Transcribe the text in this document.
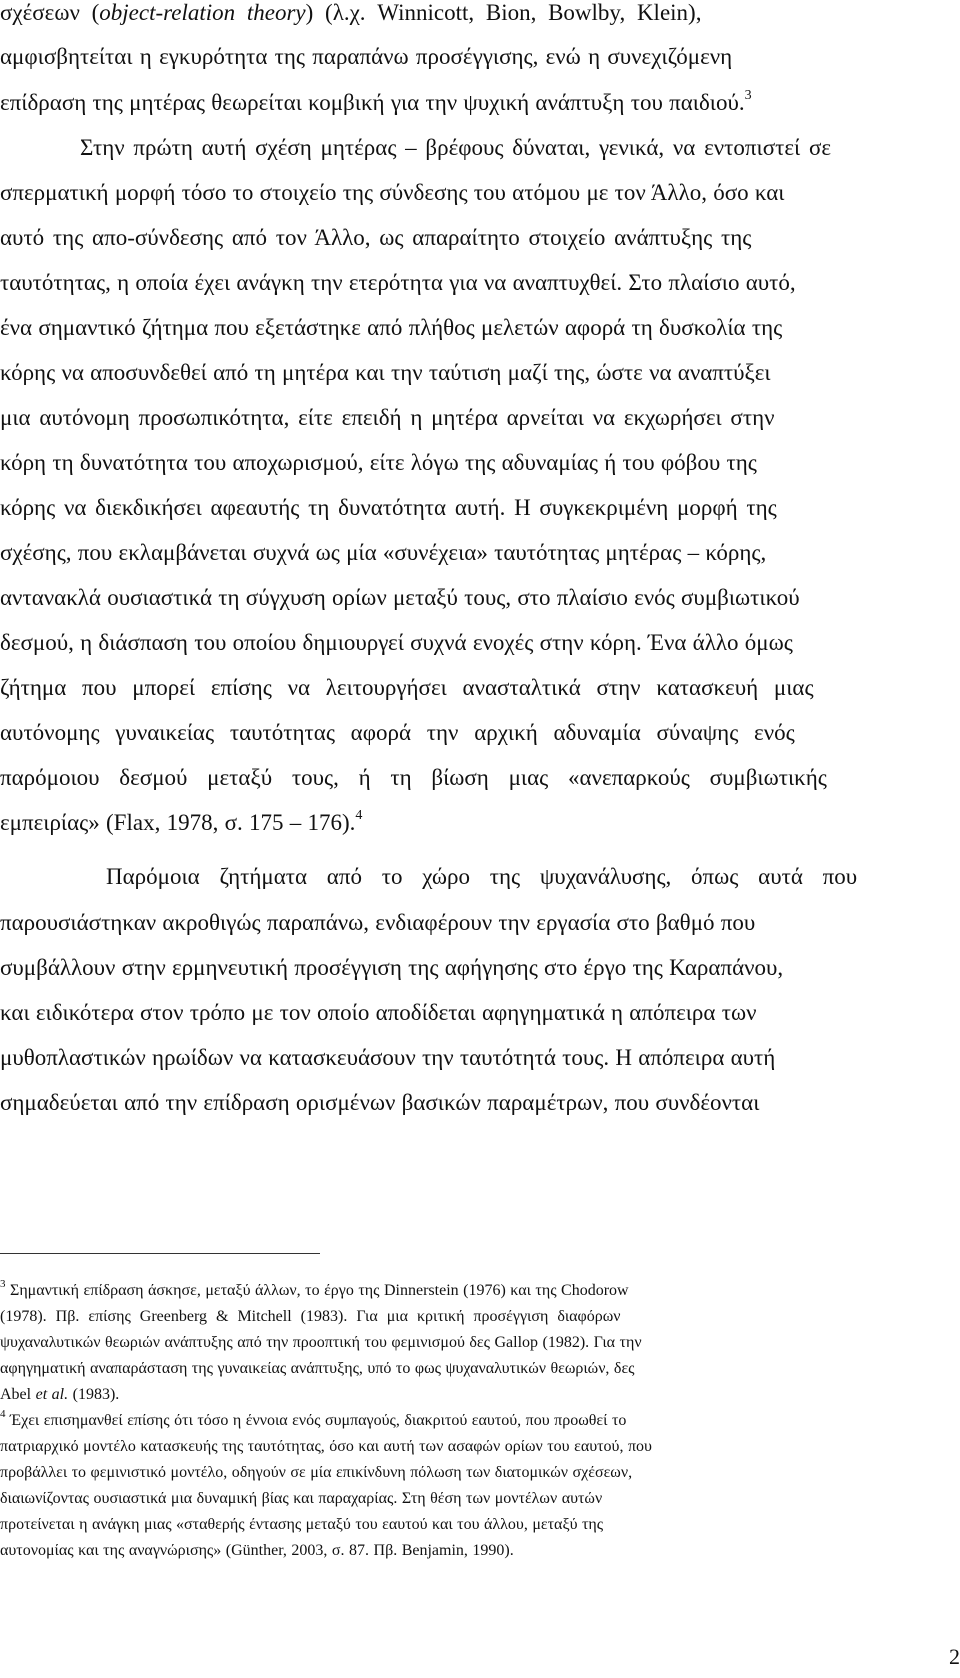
σχέσεων (object-relation theory) (λ.χ. Winnicott, Bion, Bowlby, Klein),
αμφισβητείται η εγκυρότητα της παραπάνω προσέγγισης, ενώ η συνεχιζόμενη
επίδραση της μητέρας θεωρείται κομβική για την ψυχική ανάπτυξη του παιδιού.$^3$
Στην πρώτη αυτή σχέση μητέρας – βρέφους δύναται, γενικά, να εντοπιστεί σε
σπερματική μορφή τόσο το στοιχείο της σύνδεσης του ατόμου με τον Άλλο, όσο και
αυτό της απο-σύνδεσης από τον Άλλο, ως απαραίτητο στοιχείο ανάπτυξης της
ταυτότητας, η οποία έχει ανάγκη την ετερότητα για να αναπτυχθεί. Στο πλαίσιο αυτό,
ένα σημαντικό ζήτημα που εξετάστηκε από πλήθος μελετών αφορά τη δυσκολία της
κόρης να αποσυνδεθεί από τη μητέρα και την ταύτιση μαζί της, ώστε να αναπτύξει
μια αυτόνομη προσωπικότητα, είτε επειδή η μητέρα αρνείται να εκχωρήσει στην
κόρη τη δυνατότητα του αποχωρισμού, είτε λόγω της αδυναμίας ή του φόβου της
κόρης να διεκδικήσει αφεαυτής τη δυνατότητα αυτή. Η συγκεκριμένη μορφή της
σχέσης, που εκλαμβάνεται συχνά ως μία «συνέχεια» ταυτότητας μητέρας – κόρης,
αντανακλά ουσιαστικά τη σύγχυση ορίων μεταξύ τους, στο πλαίσιο ενός συμβιωτικού
δεσμού, η διάσπαση του οποίου δημιουργεί συχνά ενοχές στην κόρη. Ένα άλλο όμως
ζήτημα που μπορεί επίσης να λειτουργήσει ανασταλτικά στην κατασκευή μιας
αυτόνομης γυναικείας ταυτότητας αφορά την αρχική αδυναμία σύναψης ενός
παρόμοιου δεσμού μεταξύ τους, ή τη βίωση μιας «ανεπαρκούς συμβιωτικής
εμπειρίας» (Flax, 1978, σ. 175 – 176).$^4$
Παρόμοια ζητήματα από το χώρο της ψυχανάλυσης, όπως αυτά που
παρουσιάστηκαν ακροθιγώς παραπάνω, ενδιαφέρουν την εργασία στο βαθμό που
συμβάλλουν στην ερμηνευτική προσέγγιση της αφήγησης στο έργο της Καραπάνου,
και ειδικότερα στον τρόπο με τον οποίο αποδίδεται αφηγηματικά η απόπειρα των
μυθοπλαστικών ηρωίδων να κατασκευάσουν την ταυτότητά τους. Η απόπειρα αυτή
σημαδεύεται από την επίδραση ορισμένων βασικών παραμέτρων, που συνδέονται
$^3$ Σημαντική επίδραση άσκησε, μεταξύ άλλων, το έργο της Dinnerstein (1976) και της Chodorow
(1978). Πβ. επίσης Greenberg & Mitchell (1983). Για μια κριτική προσέγγιση διαφόρων
ψυχαναλυτικών θεωριών ανάπτυξης από την προοπτική του φεμινισμού δες Gallop (1982). Για την
αφηγηματική αναπαράσταση της γυναικείας ανάπτυξης, υπό το φως ψυχαναλυτικών θεωριών, δες
Abel et al. (1983).
$^4$ Έχει επισημανθεί επίσης ότι τόσο η έννοια ενός συμπαγούς, διακριτού εαυτού, που προωθεί το
πατριαρχικό μοντέλο κατασκευής της ταυτότητας, όσο και αυτή των ασαφών ορίων του εαυτού, που
προβάλλει το φεμινιστικό μοντέλο, οδηγούν σε μία επικίνδυνη πόλωση των διατομικών σχέσεων,
διαιωνίζοντας ουσιαστικά μια δυναμική βίας και παραχαρίας. Στη θέση των μοντέλων αυτών
προτείνεται η ανάγκη μιας «σταθερής έντασης μεταξύ του εαυτού και του άλλου, μεταξύ της
αυτονομίας και της αναγνώρισης» (Günther, 2003, σ. 87. Πβ. Benjamin, 1990).
2
